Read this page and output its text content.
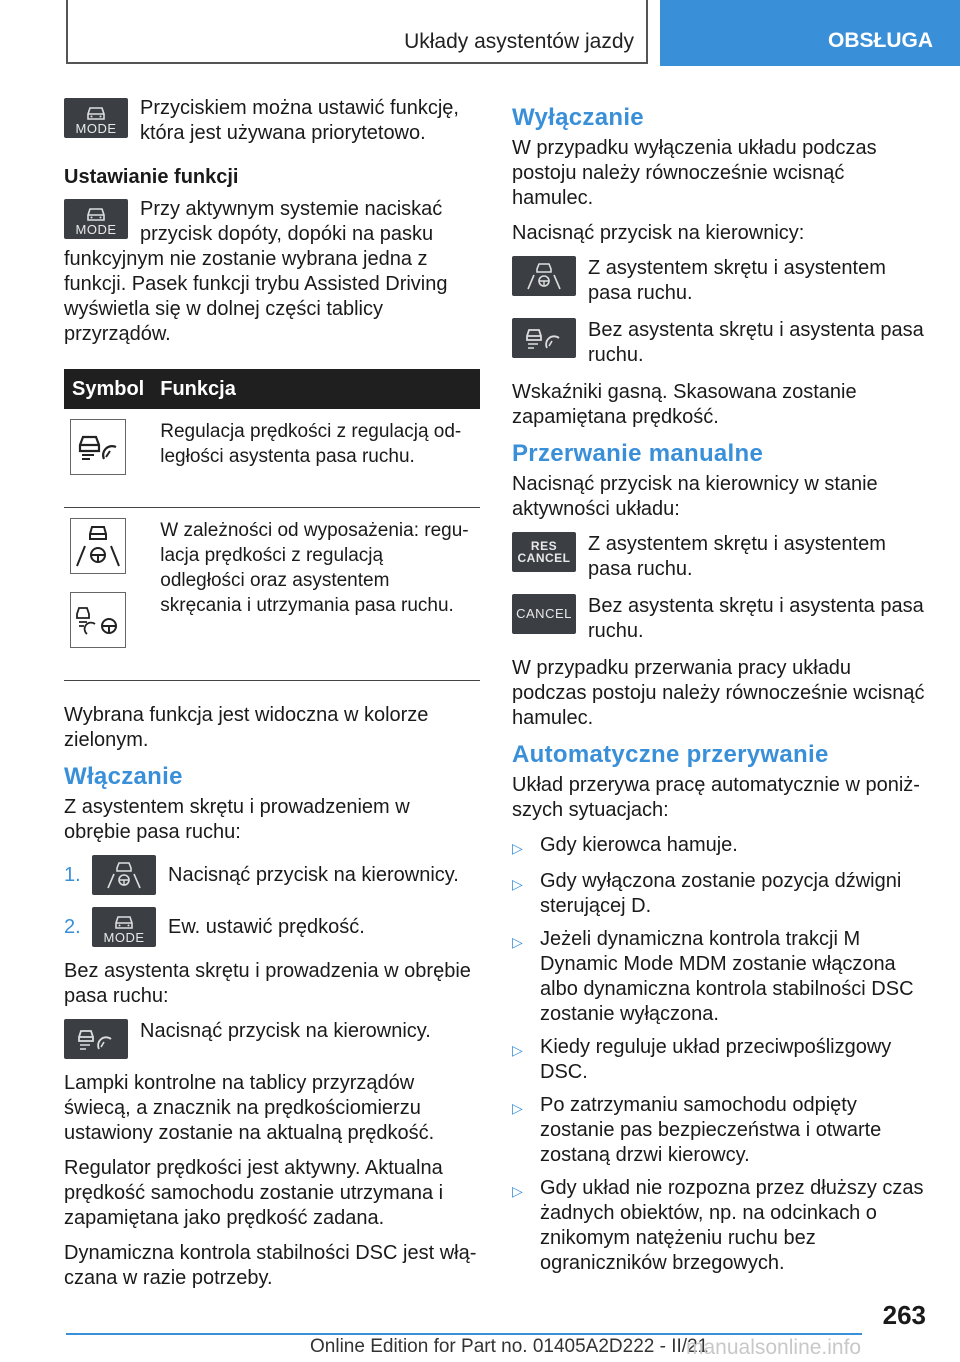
Układy asystentów jazdy	OBSŁUGA
MODE

Przyciskiem można ustawić funkcję, która jest używana priorytetowo.

Ustawianie funkcji
MODE

Przy aktywnym systemie naciskać przycisk dopóty, dopóki na pasku funkcyjnym nie zostanie wybrana jedna z funkcji. Pasek funkcji trybu Assisted Driving wyświetla się w dolnej części tablicy przyrządów.

Symbol	Funkcja

	Regulacja prędkości z regulacją odległości asystenta pasa ruchu.

	W zależności od wyposażenia: regulacja prędkości z regulacją odległości oraz asystentem skręcania i utrzymania pasa ruchu.

Wybrana funkcja jest widoczna w kolorze zielonym.

Włączanie

Z asystentem skrętu i prowadzeniem w obrębie pasa ruchu:

1.	Nacisnąć przycisk na kierownicy.

2.	MODE Ew. ustawić prędkość.

Bez asystenta skrętu i prowadzenia w obrębie pasa ruchu:

Nacisnąć przycisk na kierownicy.

Lampki kontrolne na tablicy przyrządów świecą, a znacznik na prędkościomierzu ustawiony zostanie na aktualną prędkość.

Regulator prędkości jest aktywny. Aktualna prędkość samochodu zostanie utrzymana i zapamiętana jako prędkość zadana.

Dynamiczna kontrola stabilności DSC jest włączana w razie potrzeby.

Wyłączanie

W przypadku wyłączenia układu podczas postoju należy równocześnie wcisnąć hamulec.

Nacisnąć przycisk na kierownicy:

Z asystentem skrętu i asystentem pasa ruchu.

Bez asystenta skrętu i asystenta pasa ruchu.

Wskaźniki gasną. Skasowana zostanie zapamiętana prędkość.

Przerwanie manualne

Nacisnąć przycisk na kierownicy w stanie aktywności układu:

RES
CANCEL

Z asystentem skrętu i asystentem pasa ruchu.

CANCEL Bez asystenta skrętu i asystenta pasa ruchu.

W przypadku przerwania pracy układu podczas postoju należy równocześnie wcisnąć hamulec.

Automatyczne przerywanie

Układ przerywa pracę automatycznie w poniższych sytuacjach:

▷ Gdy kierowca hamuje.
▷ Gdy wyłączona zostanie pozycja dźwigni sterującej D.
▷ Jeżeli dynamiczna kontrola trakcji M Dynamic Mode MDM zostanie włączona albo dynamiczna kontrola stabilności DSC zostanie wyłączona.
▷ Kiedy reguluje układ przeciwpoślizgowy DSC.
▷ Po zatrzymaniu samochodu odpięty zostanie pas bezpieczeństwa i otwarte zostaną drzwi kierowcy.
▷ Gdy układ nie rozpozna przez dłuższy czas żadnych obiektów, np. na odcinkach o znikomym natężeniu ruchu bez ograniczników brzegowych.
263
Online Edition for Part no. 01405A2D222 - II/21
manualsonline.info
